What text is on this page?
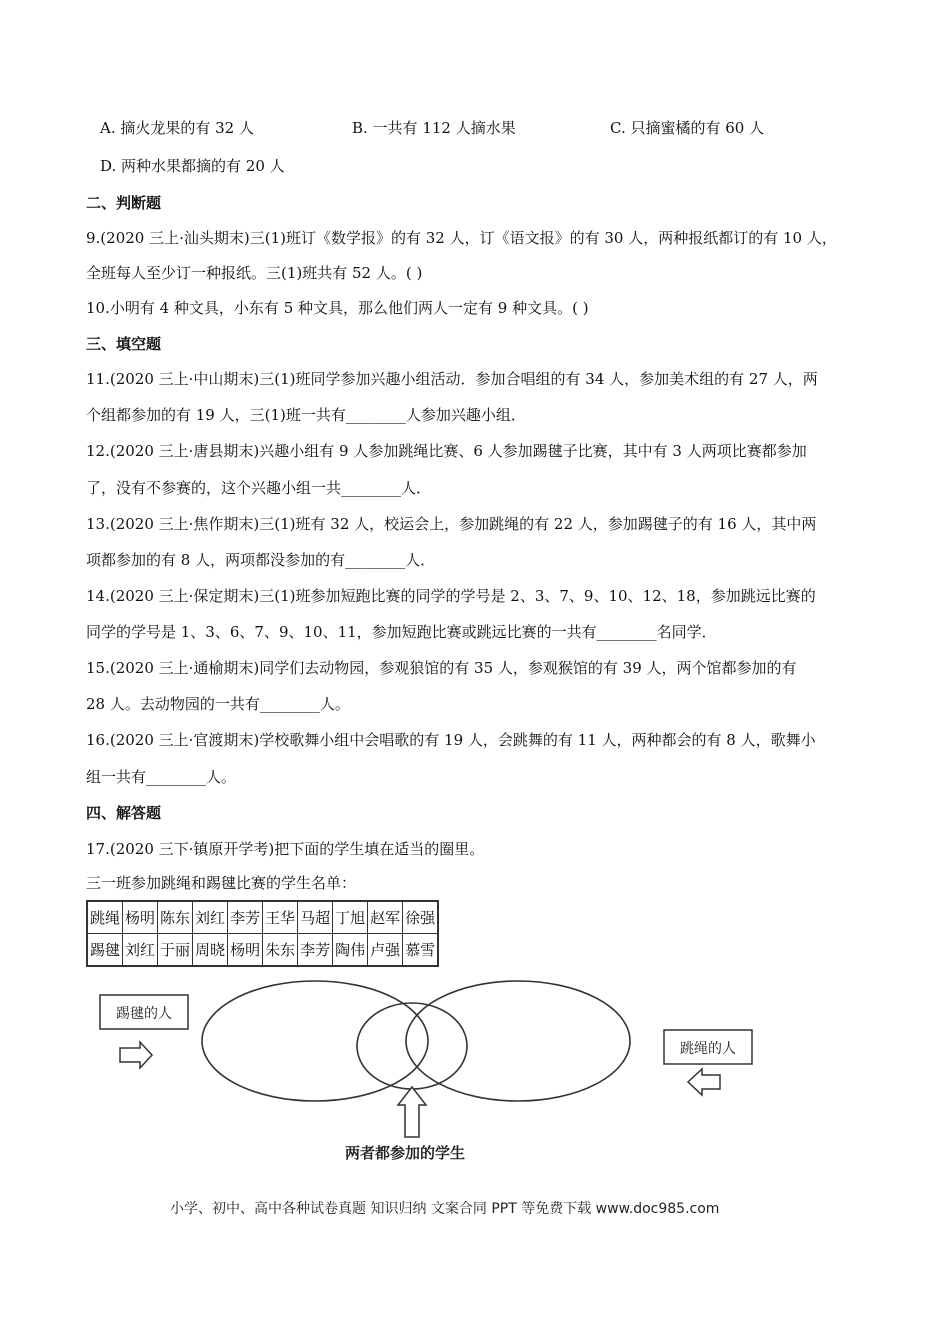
A. 摘火龙果的有 32 人	B. 一共有 112 人摘水果	C. 只摘蜜橘的有 60 人
D. 两种水果都摘的有 20 人
二、判断题
9.(2020 三上·汕头期末)三(1)班订《数学报》的有 32 人，订《语文报》的有 30 人，两种报纸都订的有 10 人，
全班每人至少订一种报纸。三(1)班共有 52 人。( )
10.小明有 4 种文具，小东有 5 种文具，那么他们两人一定有 9 种文具。( )
三、填空题
11.(2020 三上·中山期末)三(1)班同学参加兴趣小组活动．参加合唱组的有 34 人，参加美术组的有 27 人，两
个组都参加的有 19 人，三(1)班一共有________人参加兴趣小组．
12.(2020 三上·唐县期末)兴趣小组有 9 人参加跳绳比赛、6 人参加踢毽子比赛，其中有 3 人两项比赛都参加
了，没有不参赛的，这个兴趣小组一共________人．
13.(2020 三上·焦作期末)三(1)班有 32 人，校运会上，参加跳绳的有 22 人，参加踢毽子的有 16 人，其中两
项都参加的有 8 人，两项都没参加的有________人．
14.(2020 三上·保定期末)三(1)班参加短跑比赛的同学的学号是 2、3、7、9、10、12、18，参加跳远比赛的
同学的学号是 1、3、6、7、9、10、11，参加短跑比赛或跳远比赛的一共有________名同学．
15.(2020 三上·通榆期末)同学们去动物园，参观狼馆的有 35 人，参观猴馆的有 39 人，两个馆都参加的有
28 人。去动物园的一共有________人。
16.(2020 三上·官渡期末)学校歌舞小组中会唱歌的有 19 人，会跳舞的有 11 人，两种都会的有 8 人，歌舞小
组一共有________人。
四、解答题
17.(2020 三下·镇原开学考)把下面的学生填在适当的圈里。
三一班参加跳绳和踢毽比赛的学生名单：
跳绳	杨明	陈东	刘红	李芳	王华	马超	丁旭	赵军	徐强
踢毽	刘红	于丽	周晓	杨明	朱东	李芳	陶伟	卢强	慕雪
踢毽的人
跳绳的人
两者都参加的学生
小学、初中、高中各种试卷真题 知识归纳 文案合同 PPT 等免费下载 www.doc985.com
